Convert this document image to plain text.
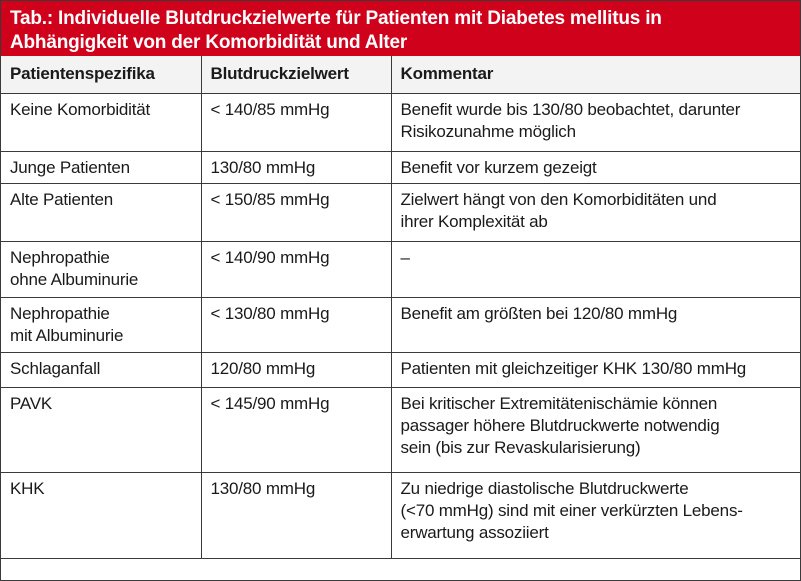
Tab.: Individuelle Blutdruckzielwerte für Patienten mit Diabetes mellitus in
Abhängigkeit von der Komorbidität und Alter
Patientenspezifika	Blutdruckzielwert	Kommentar

Keine Komorbidität	< 140/85 mmHg	Benefit wurde bis 130/80 beobachtet, darunter
Risikozunahme möglich

Junge Patienten	130/80 mmHg	Benefit vor kurzem gezeigt

Alte Patienten	< 150/85 mmHg	Zielwert hängt von den Komorbiditäten und
ihrer Komplexität ab

Nephropathie
ohne Albuminurie	< 140/90 mmHg	–

Nephropathie
mit Albuminurie	< 130/80 mmHg	Benefit am größten bei 120/80 mmHg

Schlaganfall	120/80 mmHg	Patienten mit gleichzeitiger KHK 130/80 mmHg

PAVK	< 145/90 mmHg	Bei kritischer Extremitätenischämie können
passager höhere Blutdruckwerte notwendig
sein (bis zur Revaskularisierung)

KHK	130/80 mmHg	Zu niedrige diastolische Blutdruckwerte
(<70 mmHg) sind mit einer verkürzten Lebens-
erwartung assoziiert
